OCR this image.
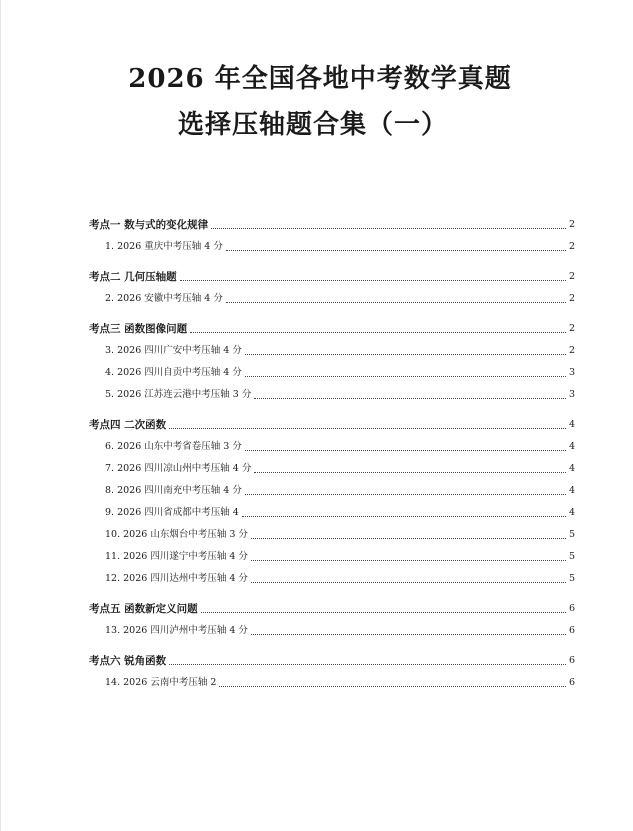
2026 年全国各地中考数学真题
选择压轴题合集（一）
考点一 数与式的变化规律	2
1. 2026 重庆中考压轴 4 分	2
考点二 几何压轴题	2
2. 2026 安徽中考压轴 4 分	2
考点三 函数图像问题	2
3. 2026 四川广安中考压轴 4 分	2
4. 2026 四川自贡中考压轴 4 分	3
5. 2026 江苏连云港中考压轴 3 分	3
考点四 二次函数	4
6. 2026 山东中考省卷压轴 3 分	4
7. 2026 四川凉山州中考压轴 4 分	4
8. 2026 四川南充中考压轴 4 分	4
9. 2026 四川省成都中考压轴 4	4
10. 2026 山东烟台中考压轴 3 分	5
11. 2026 四川遂宁中考压轴 4 分	5
12. 2026 四川达州中考压轴 4 分	5
考点五 函数新定义问题	6
13. 2026 四川泸州中考压轴 4 分	6
考点六 锐角函数	6
14. 2026 云南中考压轴 2	6
